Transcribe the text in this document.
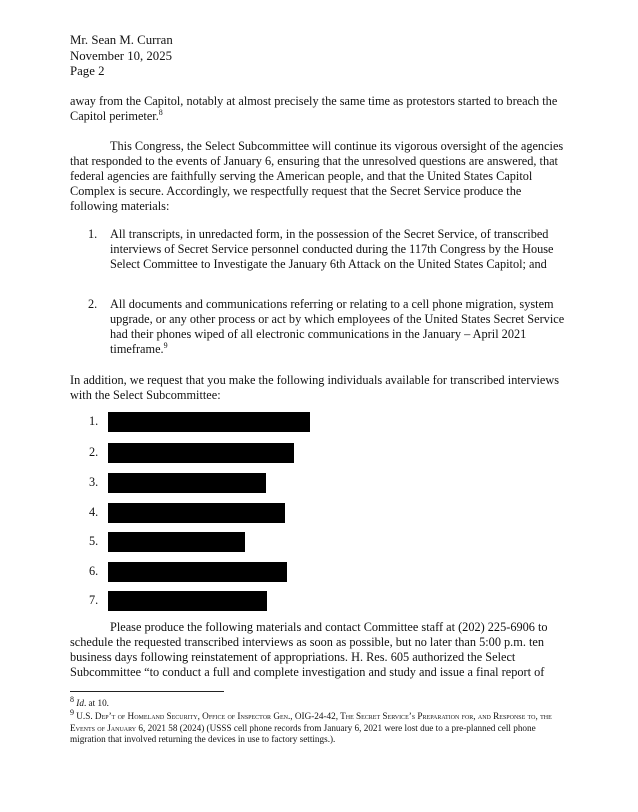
Mr. Sean M. Curran
November 10, 2025
Page 2
away from the Capitol, notably at almost precisely the same time as protestors started to breach the Capitol perimeter.$^8$
This Congress, the Select Subcommittee will continue its vigorous oversight of the agencies that responded to the events of January 6, ensuring that the unresolved questions are answered, that federal agencies are faithfully serving the American people, and that the United States Capitol Complex is secure. Accordingly, we respectfully request that the Secret Service produce the following materials:
1. All transcripts, in unredacted form, in the possession of the Secret Service, of transcribed interviews of Secret Service personnel conducted during the 117th Congress by the House Select Committee to Investigate the January 6th Attack on the United States Capitol; and
2. All documents and communications referring or relating to a cell phone migration, system upgrade, or any other process or act by which employees of the United States Secret Service had their phones wiped of all electronic communications in the January – April 2021 timeframe.$^9$
In addition, we request that you make the following individuals available for transcribed interviews with the Select Subcommittee:
1.
2.
3.
4.
5.
6.
7.
Please produce the following materials and contact Committee staff at (202) 225-6906 to schedule the requested transcribed interviews as soon as possible, but no later than 5:00 p.m. ten business days following reinstatement of appropriations. H. Res. 605 authorized the Select Subcommittee “to conduct a full and complete investigation and study and issue a final report of
$^8$ Id. at 10.
$^9$ U.S. Dep’t of Homeland Security, Office of Inspector Gen., OIG-24-42, The Secret Service’s Preparation for, and Response to, the Events of January 6, 2021 58 (2024) (USSS cell phone records from January 6, 2021 were lost due to a pre-planned cell phone migration that involved returning the devices in use to factory settings.).
